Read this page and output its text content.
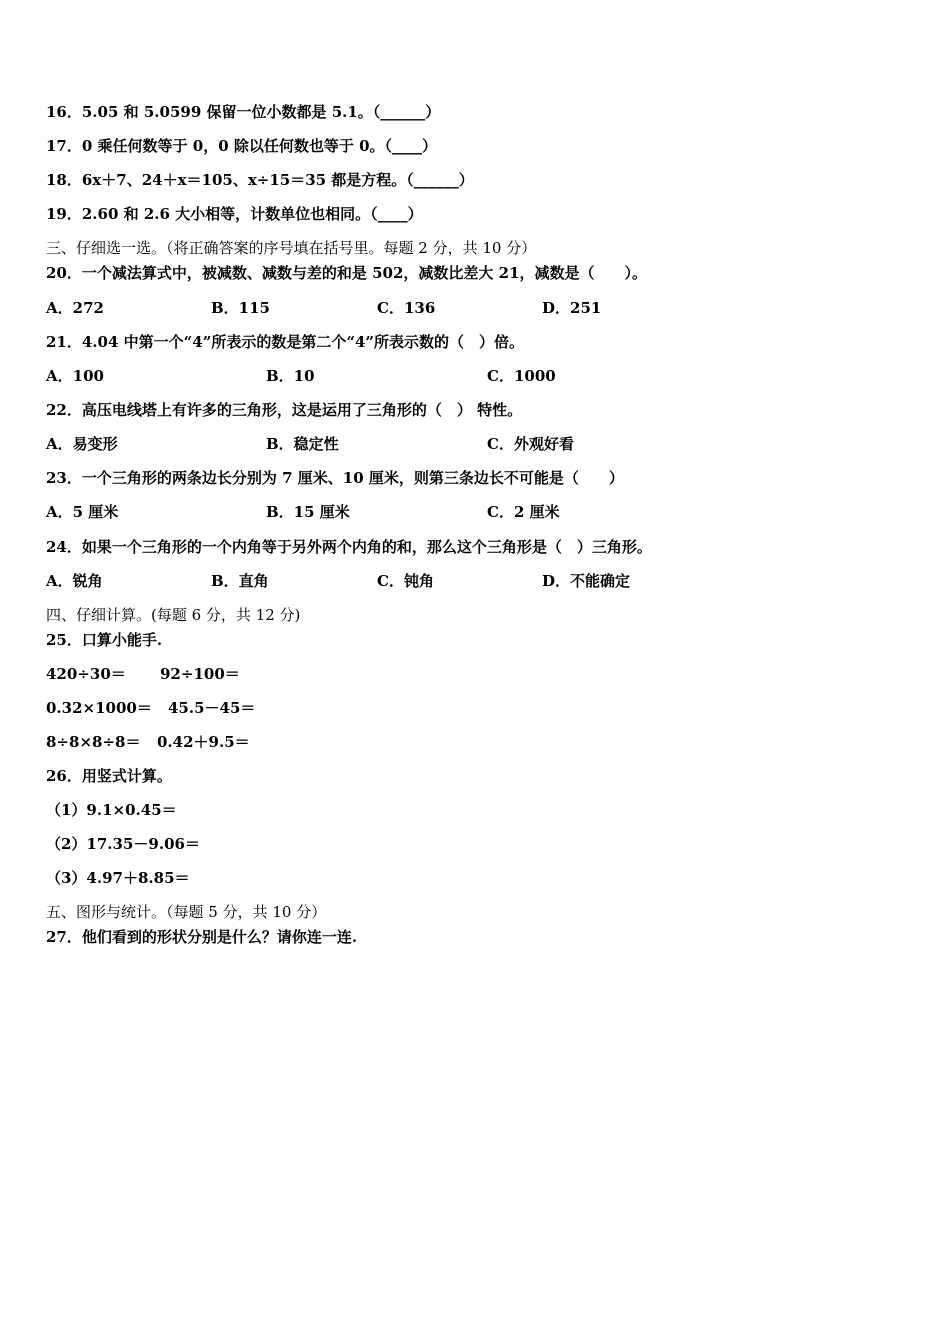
16．5.05 和 5.0599 保留一位小数都是 5.1。（______）
17．0 乘任何数等于 0，0 除以任何数也等于 0。（____）
18．6x＋7、24＋x＝105、x÷15＝35 都是方程。（______）
19．2.60 和 2.6 大小相等，计数单位也相同。（____）
三、仔细选一选。（将正确答案的序号填在括号里。每题 2 分，共 10 分）
20．一个减法算式中，被减数、减数与差的和是 502，减数比差大 21，减数是（　　）。
A．272	B．115	C．136	D．251
21．4.04 中第一个“4”所表示的数是第二个“4”所表示数的（　）倍。
A．100	B．10	C．1000
22．高压电线塔上有许多的三角形，这是运用了三角形的（　） 特性。
A．易变形	B．稳定性	C．外观好看
23．一个三角形的两条边长分别为 7 厘米、10 厘米，则第三条边长不可能是（　　）
A．5 厘米	B．15 厘米	C．2 厘米
24．如果一个三角形的一个内角等于另外两个内角的和，那么这个三角形是（　）三角形。
A．锐角	B．直角	C．钝角	D．不能确定
四、仔细计算。(每题 6 分，共 12 分)
25．口算小能手.
420÷30＝ 92÷100＝
0.32×1000＝ 45.5－45＝
8÷8×8÷8＝ 0.42＋9.5＝
26．用竖式计算。
（1）9.1×0.45＝
（2）17.35－9.06＝
（3）4.97＋8.85＝
五、图形与统计。（每题 5 分，共 10 分）
27．他们看到的形状分别是什么？请你连一连.
